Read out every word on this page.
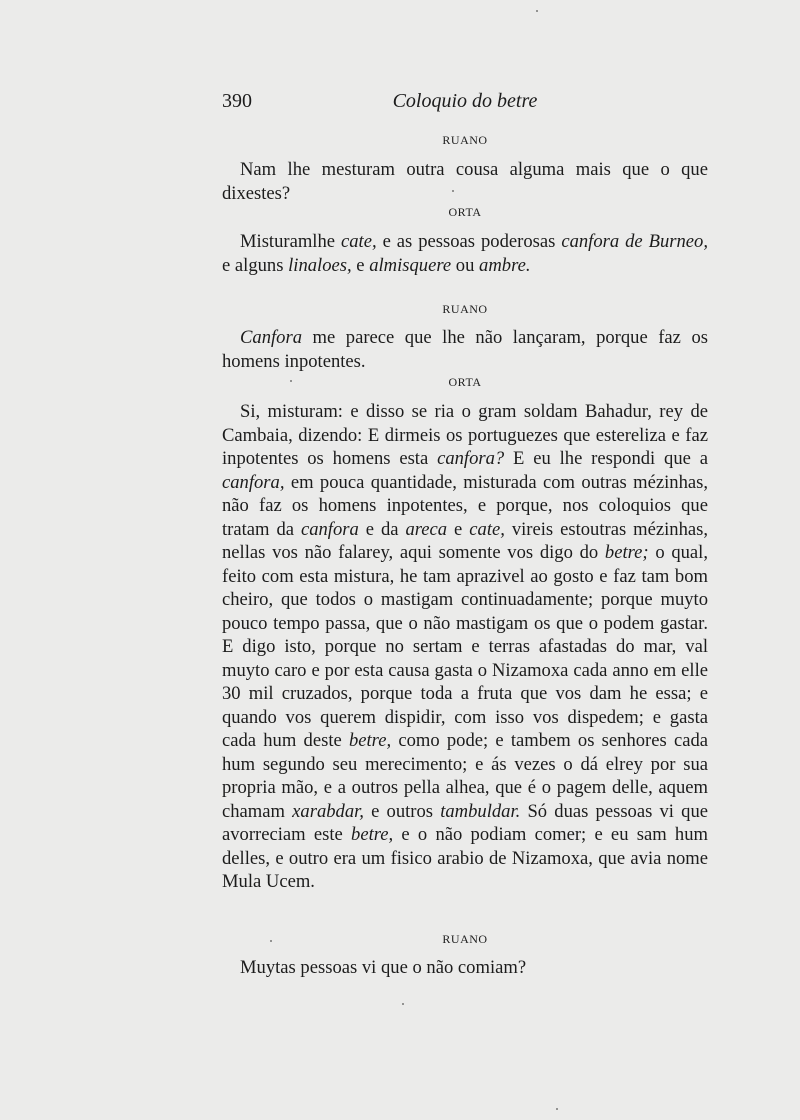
390	Coloquio do betre
RUANO

Nam lhe mesturam outra cousa alguma mais que o que dixestes?

ORTA

Misturamlhe cate, e as pessoas poderosas canfora de Burneo, e alguns linaloes, e almisquere ou ambre.

RUANO

Canfora me parece que lhe não lançaram, porque faz os homens inpotentes.

ORTA

Si, misturam: e disso se ria o gram soldam Bahadur, rey de Cambaia, dizendo: E dirmeis os portuguezes que estereliza e faz inpotentes os homens esta canfora? E eu lhe respondi que a canfora, em pouca quantidade, misturada com outras mézinhas, não faz os homens inpotentes, e porque, nos coloquios que tratam da canfora e da areca e cate, vireis estoutras mézinhas, nellas vos não falarey, aqui somente vos digo do betre; o qual, feito com esta mistura, he tam aprazivel ao gosto e faz tam bom cheiro, que todos o mastigam continuadamente; porque muyto pouco tempo passa, que o não mastigam os que o podem gastar. E digo isto, porque no sertam e terras afastadas do mar, val muyto caro e por esta causa gasta o Nizamoxa cada anno em elle 30 mil cruzados, porque toda a fruta que vos dam he essa; e quando vos querem dispidir, com isso vos dispedem; e gasta cada hum deste betre, como pode; e tambem os senhores cada hum segundo seu merecimento; e ás vezes o dá elrey por sua propria mão, e a outros pella alhea, que é o pagem delle, aquem chamam xarabdar, e outros tambuldar. Só duas pessoas vi que avorreciam este betre, e o não podiam comer; e eu sam hum delles, e outro era um fisico arabio de Nizamoxa, que avia nome Mula Ucem.

RUANO

Muytas pessoas vi que o não comiam?
